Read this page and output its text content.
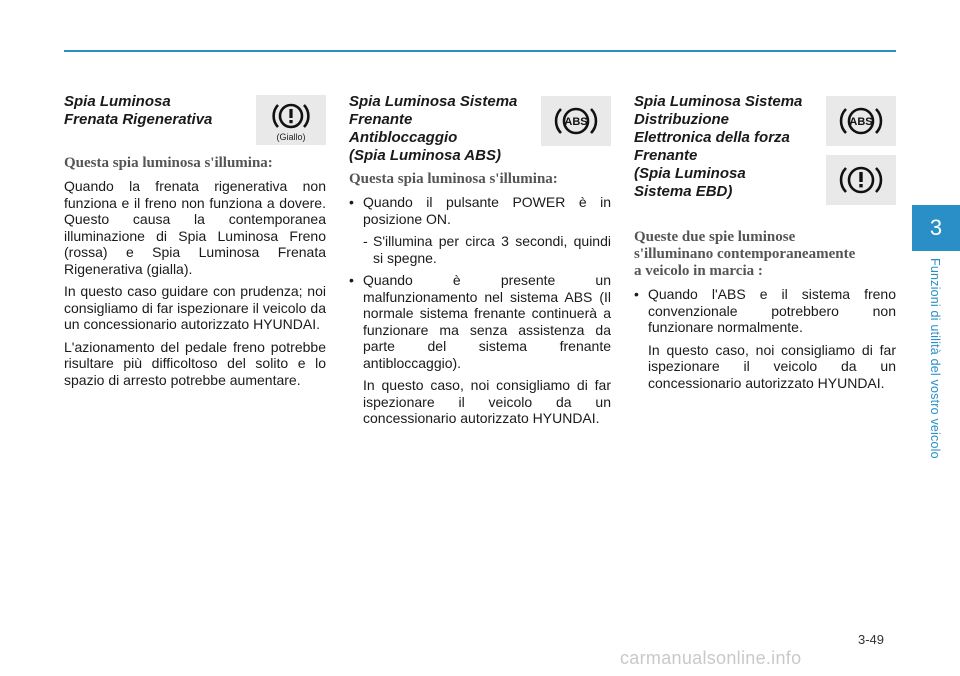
Spia Luminosa
Frenata Rigenerativa
(Giallo)
Questa spia luminosa s'illumina:

Quando la frenata rigenerativa non funziona e il freno non funziona a dovere. Questo causa la contemporanea illuminazione di Spia Luminosa Freno (rossa) e Spia Luminosa Frenata Rigenerativa (gialla).

In questo caso guidare con prudenza; noi consigliamo di far ispezionare il veicolo da un concessionario autorizzato HYUNDAI.

L'azionamento del pedale freno potrebbe risultare più difficoltoso del solito e lo spazio di arresto potrebbe aumentare.

Spia Luminosa Sistema
Frenante
Antibloccaggio
(Spia Luminosa ABS)
ABS
Questa spia luminosa s'illumina:
• Quando il pulsante POWER è in posizione ON.
- S'illumina per circa 3 secondi, quindi si spegne.
• Quando è presente un malfunzionamento nel sistema ABS (Il normale sistema frenante continuerà a funzionare ma senza assistenza da parte del sistema frenante antibloccaggio).
In questo caso, noi consigliamo di far ispezionare il veicolo da un concessionario autorizzato HYUNDAI.
Spia Luminosa Sistema
Distribuzione
Elettronica della forza
Frenante
(Spia Luminosa
Sistema EBD)
ABS
Queste due spie luminose
s'illuminano contemporaneamente
a veicolo in marcia :
• Quando l'ABS e il sistema freno convenzionale potrebbero non funzionare normalmente.
In questo caso, noi consigliamo di far ispezionare il veicolo da un concessionario autorizzato HYUNDAI.
3
Funzioni di utilità del vostro veicolo
3-49
carmanualsonline.info
